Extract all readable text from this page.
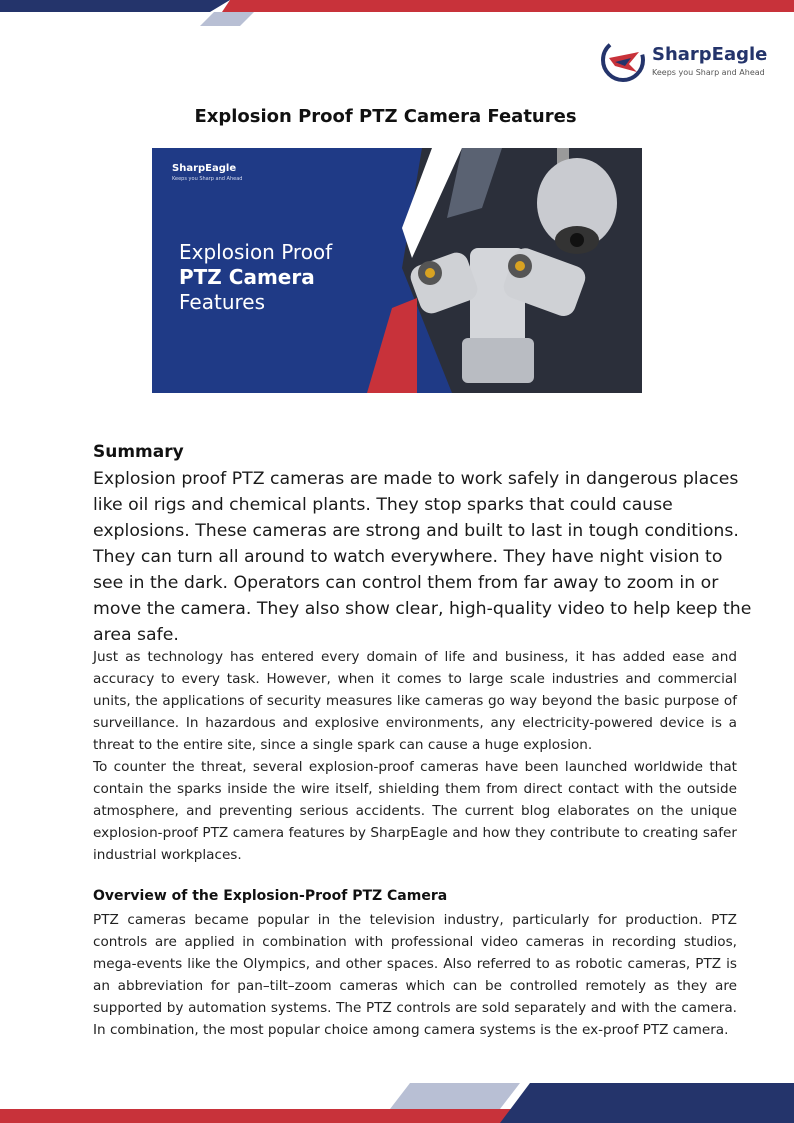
SharpEagle
Keeps you Sharp and Ahead
Explosion Proof PTZ Camera Features
SharpEagle
Keeps you Sharp and Ahead
Explosion Proof
PTZ Camera
Features
Summary
Explosion proof PTZ cameras are made to work safely in dangerous places like oil rigs and chemical plants. They stop sparks that could cause explosions. These cameras are strong and built to last in tough conditions. They can turn all around to watch everywhere. They have night vision to see in the dark. Operators can control them from far away to zoom in or move the camera. They also show clear, high-quality video to help keep the area safe.
Just as technology has entered every domain of life and business, it has added ease and accuracy to every task. However, when it comes to large scale industries and commercial units, the applications of security measures like cameras go way beyond the basic purpose of surveillance. In hazardous and explosive environments, any electricity-powered device is a threat to the entire site, since a single spark can cause a huge explosion.
To counter the threat, several explosion-proof cameras have been launched worldwide that contain the sparks inside the wire itself, shielding them from direct contact with the outside atmosphere, and preventing serious accidents. The current blog elaborates on the unique explosion-proof PTZ camera features by SharpEagle and how they contribute to creating safer industrial workplaces.
Overview of the Explosion-Proof PTZ Camera
PTZ cameras became popular in the television industry, particularly for production. PTZ controls are applied in combination with professional video cameras in recording studios, mega-events like the Olympics, and other spaces. Also referred to as robotic cameras, PTZ is an abbreviation for pan–tilt–zoom cameras which can be controlled remotely as they are supported by automation systems. The PTZ controls are sold separately and with the camera. In combination, the most popular choice among camera systems is the ex-proof PTZ camera.
